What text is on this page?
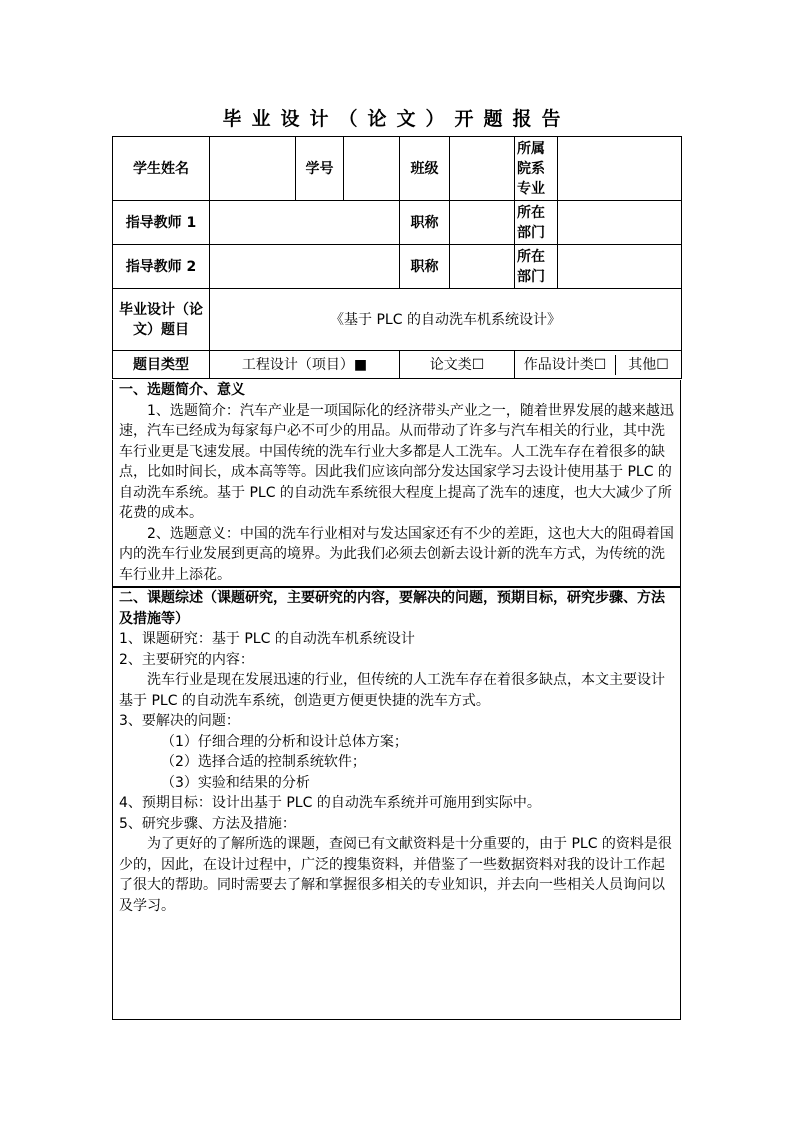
毕业设计（论文）开题报告
学生姓名		学号		班级		所属院系专业	
指导教师 1				职称		所在部门	
指导教师 2				职称		所在部门	
毕业设计（论文）题目	《基于 PLC 的自动洗车机系统设计》						
题目类型	工程设计（项目）■			论文类☐		作品设计类☐ 其他☐	

一、选题简介、意义

1、选题简介：汽车产业是一项国际化的经济带头产业之一，随着世界发展的越来越迅速，汽车已经成为每家每户必不可少的用品。从而带动了许多与汽车相关的行业，其中洗车行业更是飞速发展。中国传统的洗车行业大多都是人工洗车。人工洗车存在着很多的缺点，比如时间长，成本高等等。因此我们应该向部分发达国家学习去设计使用基于 PLC 的自动洗车系统。基于 PLC 的自动洗车系统很大程度上提高了洗车的速度，也大大减少了所花费的成本。

2、选题意义：中国的洗车行业相对与发达国家还有不少的差距，这也大大的阻碍着国内的洗车行业发展到更高的境界。为此我们必须去创新去设计新的洗车方式，为传统的洗车行业井上添花。

二、课题综述（课题研究，主要研究的内容，要解决的问题，预期目标，研究步骤、方法及措施等）

1、课题研究：基于 PLC 的自动洗车机系统设计

2、主要研究的内容：

洗车行业是现在发展迅速的行业，但传统的人工洗车存在着很多缺点，本文主要设计基于 PLC 的自动洗车系统，创造更方便更快捷的洗车方式。

3、要解决的问题：

（1）仔细合理的分析和设计总体方案；

（2）选择合适的控制系统软件；

（3）实验和结果的分析

4、预期目标：设计出基于 PLC 的自动洗车系统并可施用到实际中。

5、研究步骤、方法及措施：

为了更好的了解所选的课题，查阅已有文献资料是十分重要的，由于 PLC 的资料是很少的，因此，在设计过程中，广泛的搜集资料，并借鉴了一些数据资料对我的设计工作起了很大的帮助。同时需要去了解和掌握很多相关的专业知识，并去向一些相关人员询问以及学习。
